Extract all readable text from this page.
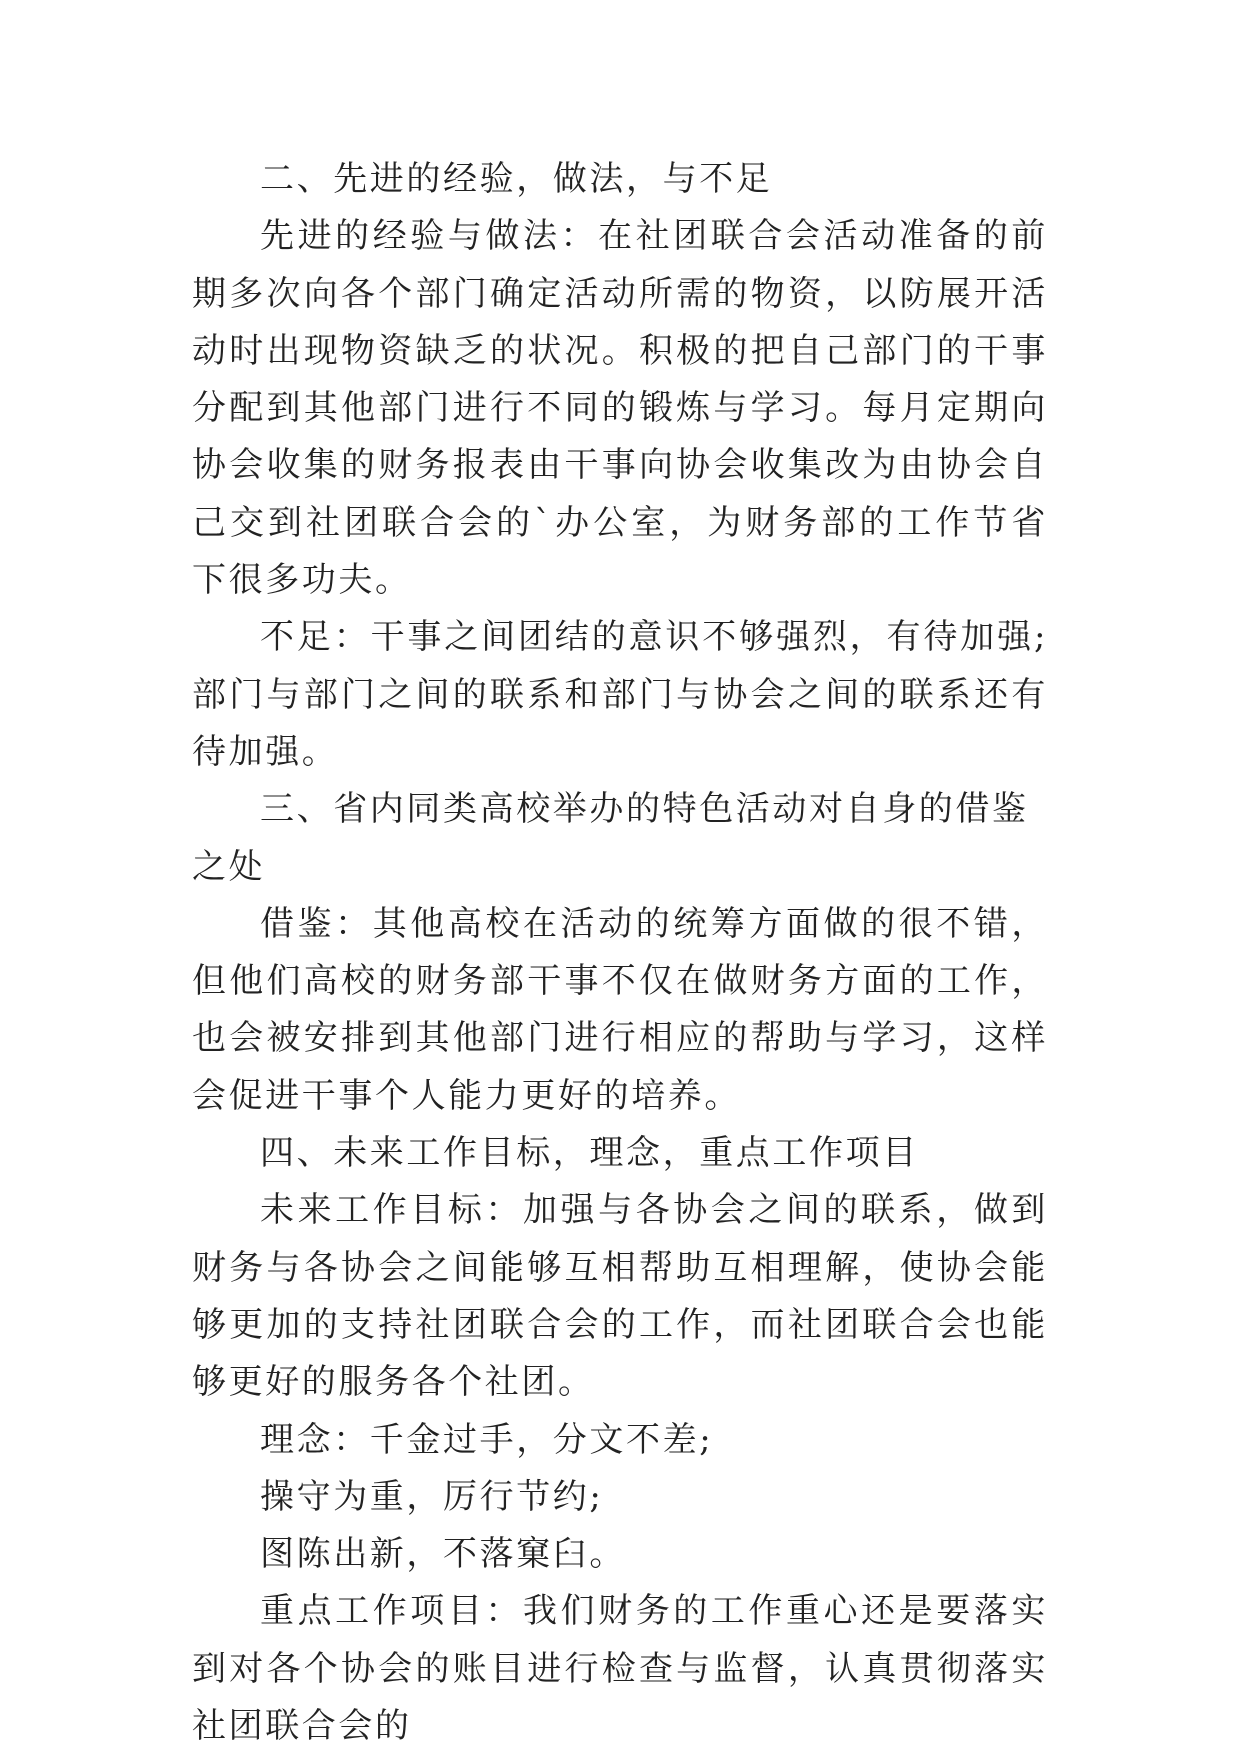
二、先进的经验，做法，与不足

先进的经验与做法：在社团联合会活动准备的前期多次向各个部门确定活动所需的物资，以防展开活动时出现物资缺乏的状况。积极的把自己部门的干事分配到其他部门进行不同的锻炼与学习。每月定期向协会收集的财务报表由干事向协会收集改为由协会自己交到社团联合会的`办公室，为财务部的工作节省下很多功夫。

不足：干事之间团结的意识不够强烈，有待加强;部门与部门之间的联系和部门与协会之间的联系还有待加强。

三、省内同类高校举办的特色活动对自身的借鉴之处

借鉴：其他高校在活动的统筹方面做的很不错，但他们高校的财务部干事不仅在做财务方面的工作，也会被安排到其他部门进行相应的帮助与学习，这样会促进干事个人能力更好的培养。

四、未来工作目标，理念，重点工作项目

未来工作目标：加强与各协会之间的联系，做到财务与各协会之间能够互相帮助互相理解，使协会能够更加的支持社团联合会的工作，而社团联合会也能够更好的服务各个社团。

理念：千金过手，分文不差;

操守为重，厉行节约;

图陈出新，不落窠臼。

重点工作项目：我们财务的工作重心还是要落实到对各个协会的账目进行检查与监督，认真贯彻落实社团联合会的
